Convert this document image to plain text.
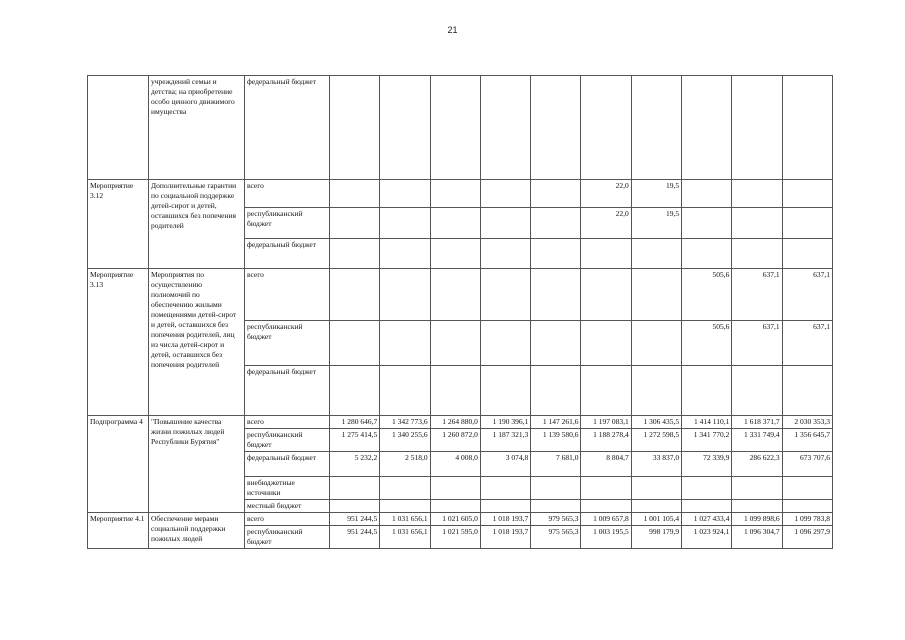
21
	учреждений семьи и детства; на приобретение особо ценного движимого имущества	федеральный бюджет										
Мероприятие 3.12	Дополнительные гарантии по социальной поддержке детей-сирот и детей, оставшихся без попечения родителей	всего						22,0	19,5			
		республиканский бюджет						22,0	19,5			
		федеральный бюджет										
Мероприятие 3.13	Мероприятия по осуществлению полномочий по обеспечению жилыми помещениями детей-сирот и детей, оставшихся без попечения родителей, лиц из числа детей-сирот и детей, оставшихся без попечения родителей	всего								505,6	637,1	637,1
		республиканский бюджет								505,6	637,1	637,1
		федеральный бюджет										
Подпрограмма 4	"Повышение качества жизни пожилых людей Республики Бурятия"	всего	1 280 646,7	1 342 773,6	1 264 880,0	1 190 396,1	1 147 261,6	1 197 083,1	1 306 435,5	1 414 110,1	1 618 371,7	2 030 353,3
		республиканский бюджет	1 275 414,5	1 340 255,6	1 260 872,0	1 187 321,3	1 139 580,6	1 188 278,4	1 272 598,5	1 341 770,2	1 331 749,4	1 356 645,7
		федеральный бюджет	5 232,2	2 518,0	4 008,0	3 074,8	7 681,0	8 804,7	33 837,0	72 339,9	286 622,3	673 707,6
		внебюджетные источники										
		местный бюджет										
Мероприятие 4.1	Обеспечение мерами социальной поддержки пожилых людей	всего	951 244,5	1 031 656,1	1 021 605,0	1 018 193,7	979 565,3	1 009 657,8	1 001 105,4	1 027 433,4	1 099 898,6	1 099 783,8
		республиканский бюджет	951 244,5	1 031 656,1	1 021 595,0	1 018 193,7	975 565,3	1 003 195,5	998 179,9	1 023 924,1	1 096 304,7	1 096 297,9
